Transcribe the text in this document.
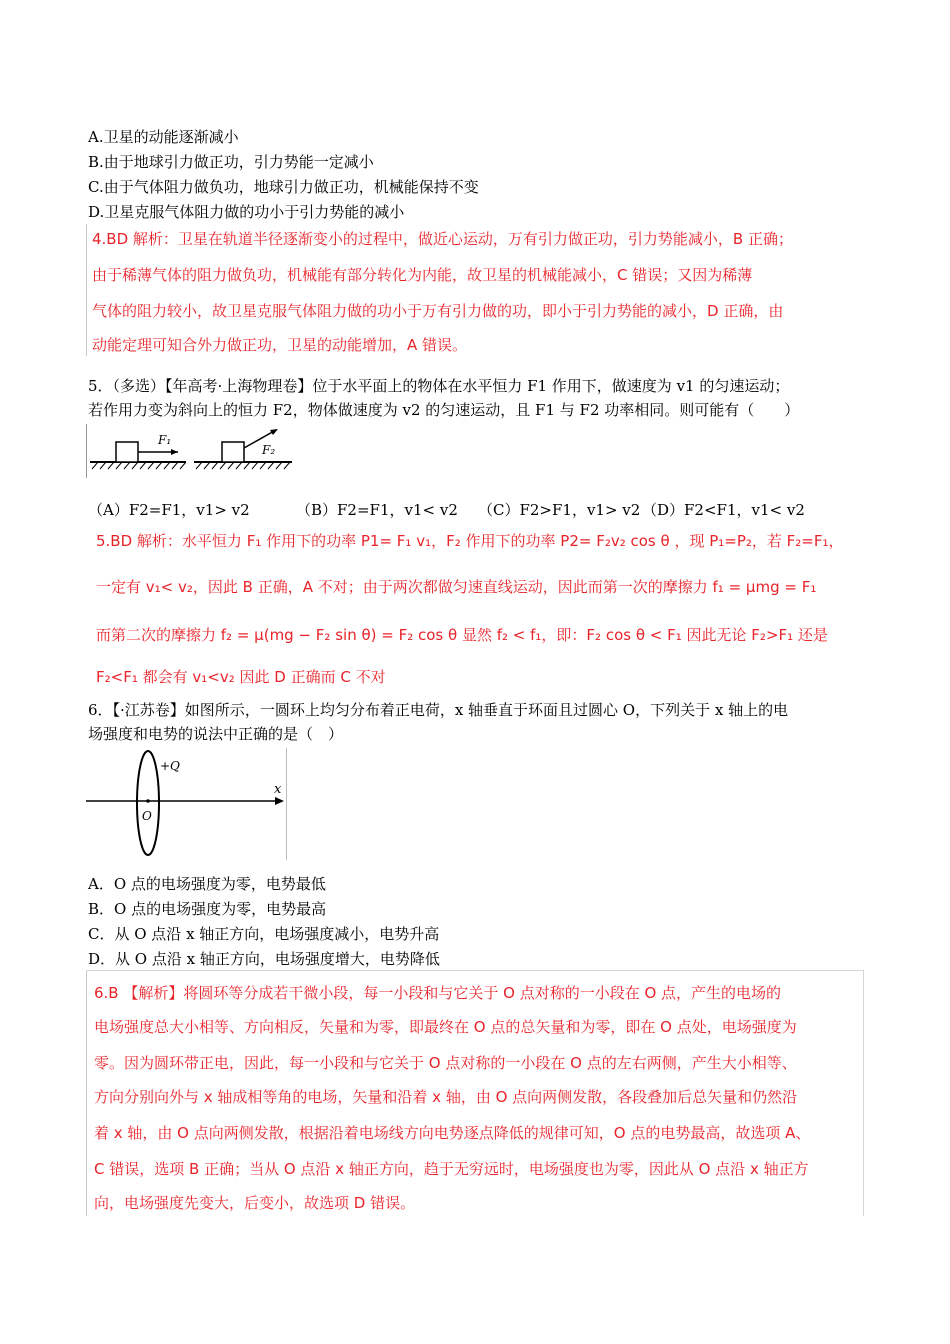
A.卫星的动能逐渐减小
B.由于地球引力做正功，引力势能一定减小
C.由于气体阻力做负功，地球引力做正功，机械能保持不变
D.卫星克服气体阻力做的功小于引力势能的减小
4.BD 解析：卫星在轨道半径逐渐变小的过程中，做近心运动，万有引力做正功，引力势能减小，B 正确；
由于稀薄气体的阻力做负功，机械能有部分转化为内能，故卫星的机械能减小，C 错误；又因为稀薄
气体的阻力较小，故卫星克服气体阻力做的功小于万有引力做的功，即小于引力势能的减小，D 正确，由
动能定理可知合外力做正功，卫星的动能增加，A 错误。
5．（多选）【年高考·上海物理卷】位于水平面上的物体在水平恒力 F1 作用下，做速度为 v1 的匀速运动；
若作用力变为斜向上的恒力 F2，物体做速度为 v2 的匀速运动，且 F1 与 F2 功率相同。则可能有（　　）
F₁
F₂
（A）F2=F1，v1> v2	（B）F2=F1，v1< v2 （C）F2>F1，v1> v2 （D）F2<F1，v1< v2
5.BD 解析：水平恒力 F₁ 作用下的功率 P1= F₁ v₁，F₂ 作用下的功率 P2= F₂v₂ cos θ ，现 P₁=P₂，若 F₂=F₁，
一定有 v₁< v₂，因此 B 正确，A 不对；由于两次都做匀速直线运动，因此而第一次的摩擦力 f₁ = μmg = F₁
而第二次的摩擦力 f₂ = μ(mg − F₂ sin θ) = F₂ cos θ 显然 f₂ < f₁，即：F₂ cos θ < F₁ 因此无论 F₂>F₁ 还是
F₂<F₁ 都会有 v₁<v₂ 因此 D 正确而 C 不对
6．【·江苏卷】如图所示，一圆环上均匀分布着正电荷，x 轴垂直于环面且过圆心 O，下列关于 x 轴上的电
场强度和电势的说法中正确的是（　）
+Q
O
x
A．O 点的电场强度为零，电势最低
B．O 点的电场强度为零，电势最高
C．从 O 点沿 x 轴正方向，电场强度减小，电势升高
D．从 O 点沿 x 轴正方向，电场强度增大，电势降低
6.B 【解析】将圆环等分成若干微小段，每一小段和与它关于 O 点对称的一小段在 O 点，产生的电场的
电场强度总大小相等、方向相反，矢量和为零，即最终在 O 点的总矢量和为零，即在 O 点处，电场强度为
零。因为圆环带正电，因此，每一小段和与它关于 O 点对称的一小段在 O 点的左右两侧，产生大小相等、
方向分别向外与 x 轴成相等角的电场，矢量和沿着 x 轴，由 O 点向两侧发散，各段叠加后总矢量和仍然沿
着 x 轴，由 O 点向两侧发散，根据沿着电场线方向电势逐点降低的规律可知，O 点的电势最高，故选项 A、
C 错误，选项 B 正确；当从 O 点沿 x 轴正方向，趋于无穷远时，电场强度也为零，因此从 O 点沿 x 轴正方
向，电场强度先变大，后变小，故选项 D 错误。
